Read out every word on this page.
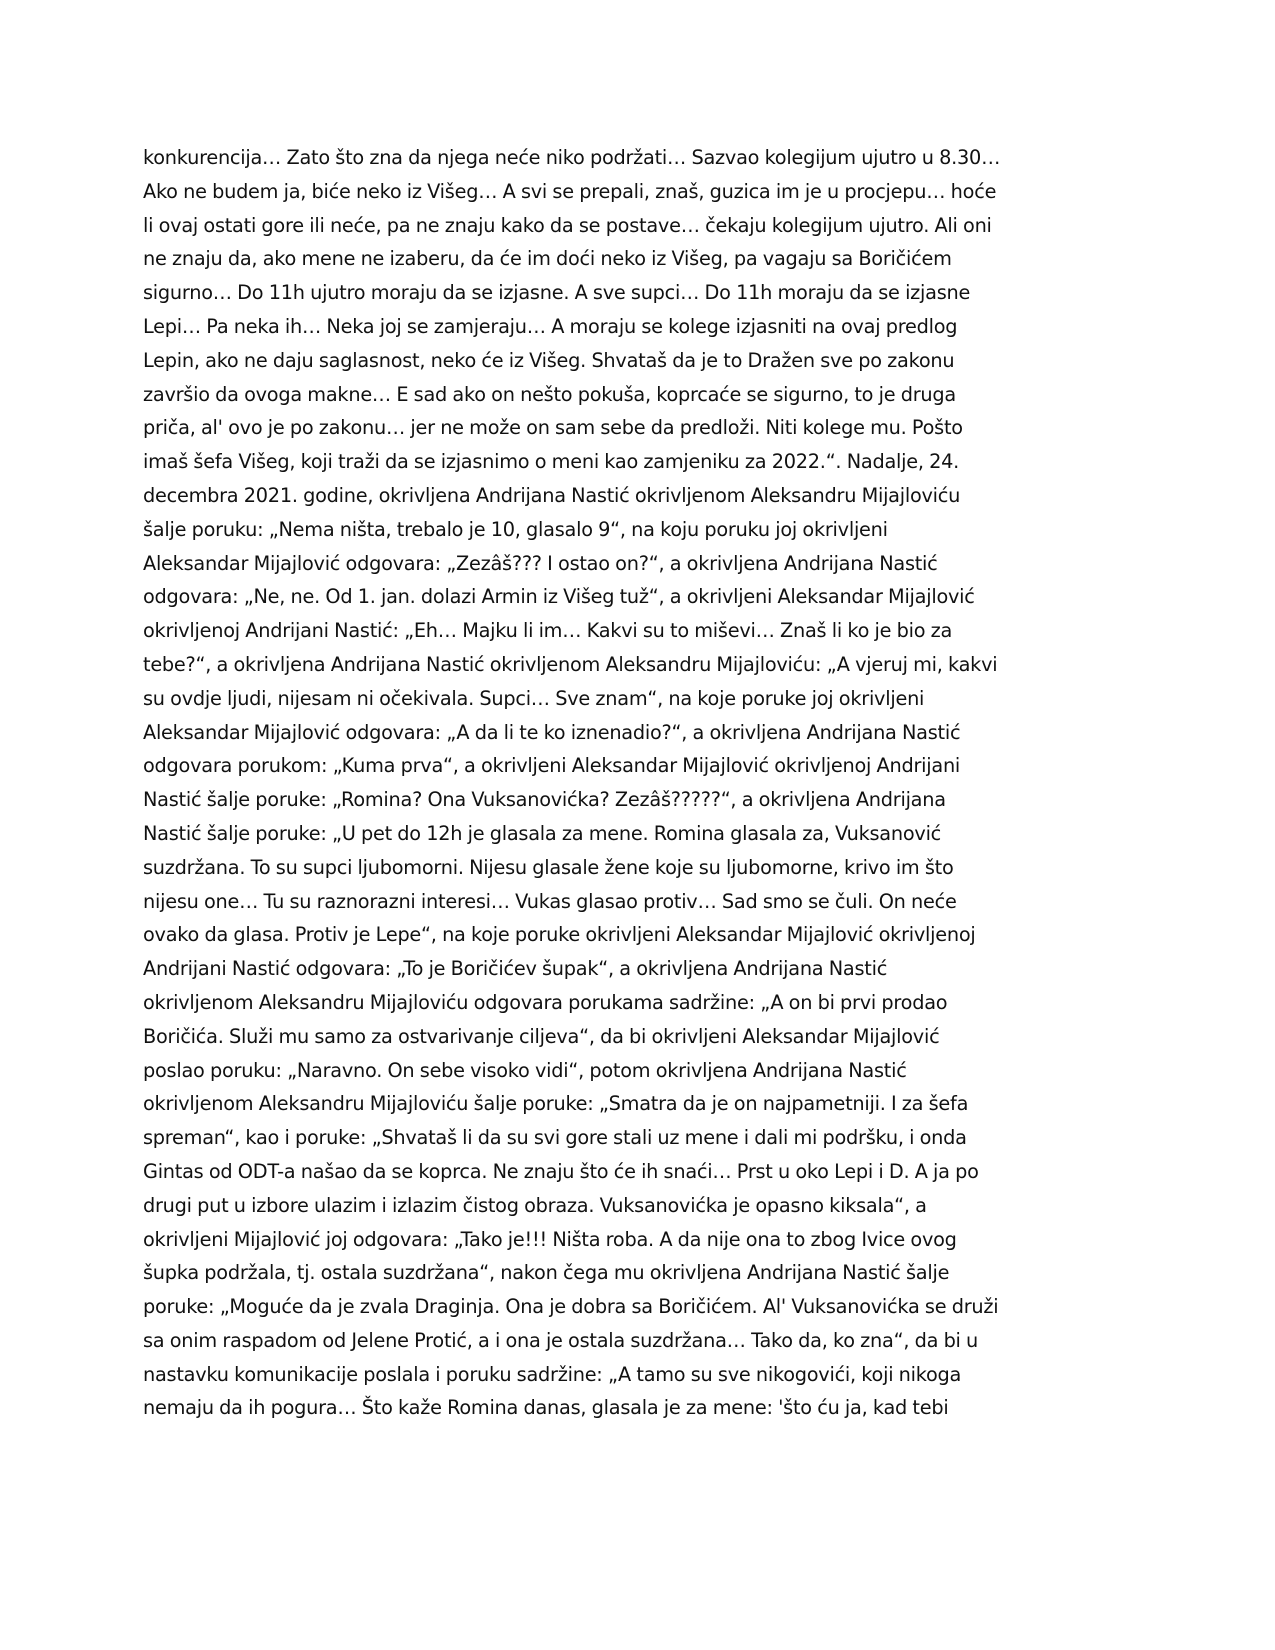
konkurencija… Zato što zna da njega neće niko podržati… Sazvao kolegijum ujutro u 8.30…
Ako ne budem ja, biće neko iz Višeg… A svi se prepali, znaš, guzica im je u procjepu… hoće
li ovaj ostati gore ili neće, pa ne znaju kako da se postave… čekaju kolegijum ujutro. Ali oni
ne znaju da, ako mene ne izaberu, da će im doći neko iz Višeg, pa vagaju sa Boričićem
sigurno… Do 11h ujutro moraju da se izjasne. A sve supci… Do 11h moraju da se izjasne
Lepi… Pa neka ih… Neka joj se zamjeraju… A moraju se kolege izjasniti na ovaj predlog
Lepin, ako ne daju saglasnost, neko će iz Višeg. Shvataš da je to Dražen sve po zakonu
završio da ovoga makne… E sad ako on nešto pokuša, koprcaće se sigurno, to je druga
priča, al' ovo je po zakonu… jer ne može on sam sebe da predloži. Niti kolege mu. Pošto
imaš šefa Višeg, koji traži da se izjasnimo o meni kao zamjeniku za 2022.“. Nadalje, 24.
decembra 2021. godine, okrivljena Andrijana Nastić okrivljenom Aleksandru Mijajloviću
šalje poruku: „Nema ništa, trebalo je 10, glasalo 9“, na koju poruku joj okrivljeni
Aleksandar Mijajlović odgovara: „Zezâš??? I ostao on?“, a okrivljena Andrijana Nastić
odgovara: „Ne, ne. Od 1. jan. dolazi Armin iz Višeg tuž“, a okrivljeni Aleksandar Mijajlović
okrivljenoj Andrijani Nastić: „Eh… Majku li im… Kakvi su to miševi… Znaš li ko je bio za
tebe?“, a okrivljena Andrijana Nastić okrivljenom Aleksandru Mijajloviću: „A vjeruj mi, kakvi
su ovdje ljudi, nijesam ni očekivala. Supci… Sve znam“, na koje poruke joj okrivljeni
Aleksandar Mijajlović odgovara: „A da li te ko iznenadio?“, a okrivljena Andrijana Nastić
odgovara porukom: „Kuma prva“, a okrivljeni Aleksandar Mijajlović okrivljenoj Andrijani
Nastić šalje poruke: „Romina? Ona Vuksanovićka? Zezâš?????“, a okrivljena Andrijana
Nastić šalje poruke: „U pet do 12h je glasala za mene. Romina glasala za, Vuksanović
suzdržana. To su supci ljubomorni. Nijesu glasale žene koje su ljubomorne, krivo im što
nijesu one… Tu su raznorazni interesi… Vukas glasao protiv… Sad smo se čuli. On neće
ovako da glasa. Protiv je Lepe“, na koje poruke okrivljeni Aleksandar Mijajlović okrivljenoj
Andrijani Nastić odgovara: „To je Boričićev šupak“, a okrivljena Andrijana Nastić
okrivljenom Aleksandru Mijajloviću odgovara porukama sadržine: „A on bi prvi prodao
Boričića. Služi mu samo za ostvarivanje ciljeva“, da bi okrivljeni Aleksandar Mijajlović
poslao poruku: „Naravno. On sebe visoko vidi“, potom okrivljena Andrijana Nastić
okrivljenom Aleksandru Mijajloviću šalje poruke: „Smatra da je on najpametniji. I za šefa
spreman“, kao i poruke: „Shvataš li da su svi gore stali uz mene i dali mi podršku, i onda
Gintas od ODT-a našao da se koprca. Ne znaju što će ih snaći… Prst u oko Lepi i D. A ja po
drugi put u izbore ulazim i izlazim čistog obraza. Vuksanovićka je opasno kiksala“, a
okrivljeni Mijajlović joj odgovara: „Tako je!!! Ništa roba. A da nije ona to zbog Ivice ovog
šupka podržala, tj. ostala suzdržana“, nakon čega mu okrivljena Andrijana Nastić šalje
poruke: „Moguće da je zvala Draginja. Ona je dobra sa Boričićem. Al' Vuksanovićka se druži
sa onim raspadom od Jelene Protić, a i ona je ostala suzdržana… Tako da, ko zna“, da bi u
nastavku komunikacije poslala i poruku sadržine: „A tamo su sve nikogovići, koji nikoga
nemaju da ih pogura… Što kaže Romina danas, glasala je za mene: 'što ću ja, kad tebi
